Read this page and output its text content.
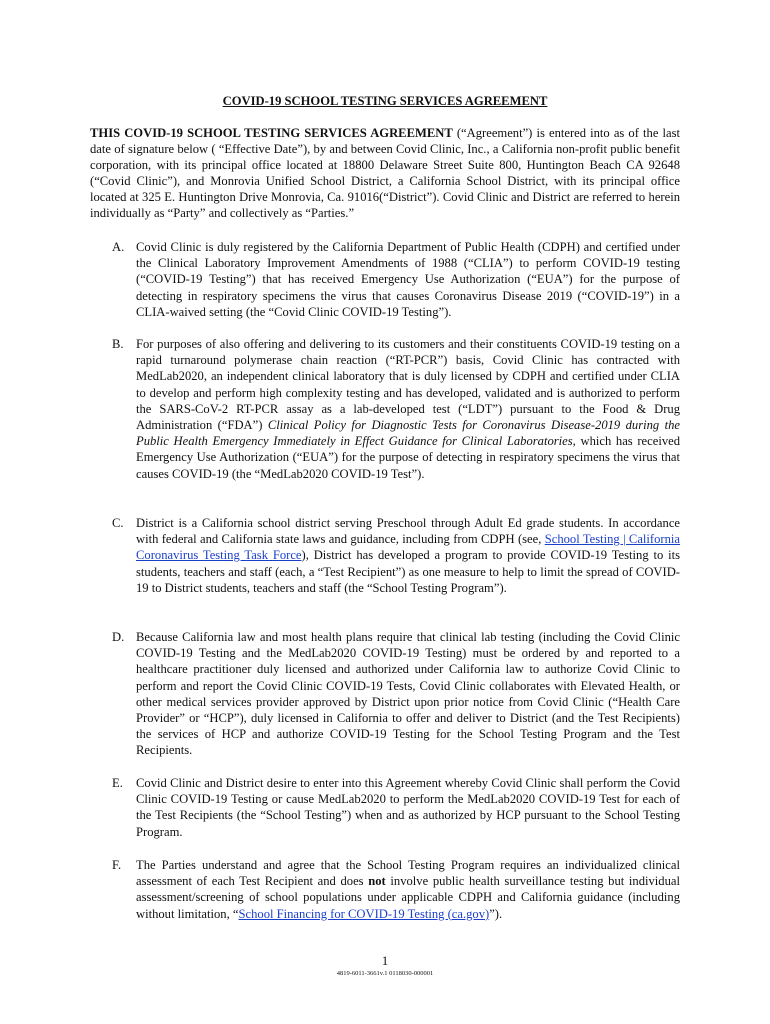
COVID-19 SCHOOL TESTING SERVICES AGREEMENT
THIS COVID-19 SCHOOL TESTING SERVICES AGREEMENT (“Agreement”) is entered into as of the last date of signature below ( “Effective Date”), by and between Covid Clinic, Inc., a California non-profit public benefit corporation, with its principal office located at 18800 Delaware Street Suite 800, Huntington Beach CA 92648 (“Covid Clinic”), and Monrovia Unified School District, a California School District, with its principal office located at 325 E. Huntington Drive Monrovia, Ca. 91016(“District”). Covid Clinic and District are referred to herein individually as “Party” and collectively as “Parties.”
A. Covid Clinic is duly registered by the California Department of Public Health (CDPH) and certified under the Clinical Laboratory Improvement Amendments of 1988 (“CLIA”) to perform COVID-19 testing (“COVID-19 Testing”) that has received Emergency Use Authorization (“EUA”) for the purpose of detecting in respiratory specimens the virus that causes Coronavirus Disease 2019 (“COVID-19”) in a CLIA-waived setting (the “Covid Clinic COVID-19 Testing”).
B. For purposes of also offering and delivering to its customers and their constituents COVID-19 testing on a rapid turnaround polymerase chain reaction (“RT-PCR”) basis, Covid Clinic has contracted with MedLab2020, an independent clinical laboratory that is duly licensed by CDPH and certified under CLIA to develop and perform high complexity testing and has developed, validated and is authorized to perform the SARS-CoV-2 RT-PCR assay as a lab-developed test (“LDT”) pursuant to the Food & Drug Administration (“FDA”) Clinical Policy for Diagnostic Tests for Coronavirus Disease-2019 during the Public Health Emergency Immediately in Effect Guidance for Clinical Laboratories, which has received Emergency Use Authorization (“EUA”) for the purpose of detecting in respiratory specimens the virus that causes COVID-19 (the “MedLab2020 COVID-19 Test”).
C. District is a California school district serving Preschool through Adult Ed grade students. In accordance with federal and California state laws and guidance, including from CDPH (see, School Testing | California Coronavirus Testing Task Force), District has developed a program to provide COVID-19 Testing to its students, teachers and staff (each, a “Test Recipient”) as one measure to help to limit the spread of COVID-19 to District students, teachers and staff (the “School Testing Program”).
D. Because California law and most health plans require that clinical lab testing (including the Covid Clinic COVID-19 Testing and the MedLab2020 COVID-19 Testing) must be ordered by and reported to a healthcare practitioner duly licensed and authorized under California law to authorize Covid Clinic to perform and report the Covid Clinic COVID-19 Tests, Covid Clinic collaborates with Elevated Health, or other medical services provider approved by District upon prior notice from Covid Clinic (“Health Care Provider” or “HCP”), duly licensed in California to offer and deliver to District (and the Test Recipients) the services of HCP and authorize COVID-19 Testing for the School Testing Program and the Test Recipients.
E. Covid Clinic and District desire to enter into this Agreement whereby Covid Clinic shall perform the Covid Clinic COVID-19 Testing or cause MedLab2020 to perform the MedLab2020 COVID-19 Test for each of the Test Recipients (the “School Testing”) when and as authorized by HCP pursuant to the School Testing Program.
F. The Parties understand and agree that the School Testing Program requires an individualized clinical assessment of each Test Recipient and does not involve public health surveillance testing but individual assessment/screening of school populations under applicable CDPH and California guidance (including without limitation, “School Financing for COVID-19 Testing (ca.gov)”).
1
4819-6011-3661v.1 0118030-000001
